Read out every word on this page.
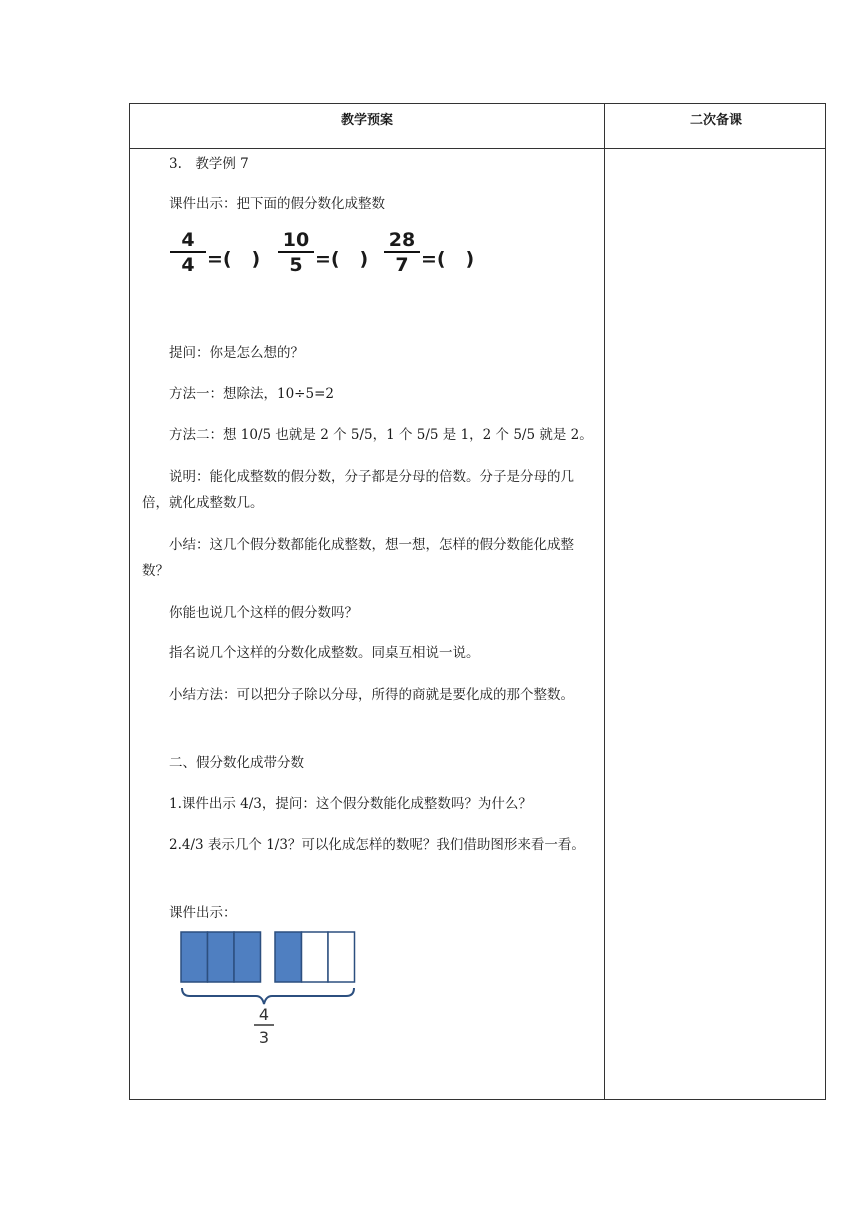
教学预案	二次备课

3.　教学例 7

课件出示：把下面的假分数化成整数

4
4 =(   )
10
5 =(   )
28
7 =(   )

提问：你是怎么想的？

方法一：想除法，10÷5=2

方法二：想 10/5 也就是 2 个 5/5，1 个 5/5 是 1，2 个 5/5 就是 2。

说明：能化成整数的假分数，分子都是分母的倍数。分子是分母的几倍，就化成整数几。

小结：这几个假分数都能化成整数，想一想，怎样的假分数能化成整数？

你能也说几个这样的假分数吗？

指名说几个这样的分数化成整数。同桌互相说一说。

小结方法：可以把分子除以分母，所得的商就是要化成的那个整数。

二、假分数化成带分数

1.课件出示 4/3，提问：这个假分数能化成整数吗？为什么？

2.4/3 表示几个 1/3？可以化成怎样的数呢？我们借助图形来看一看。

课件出示：

4
3
